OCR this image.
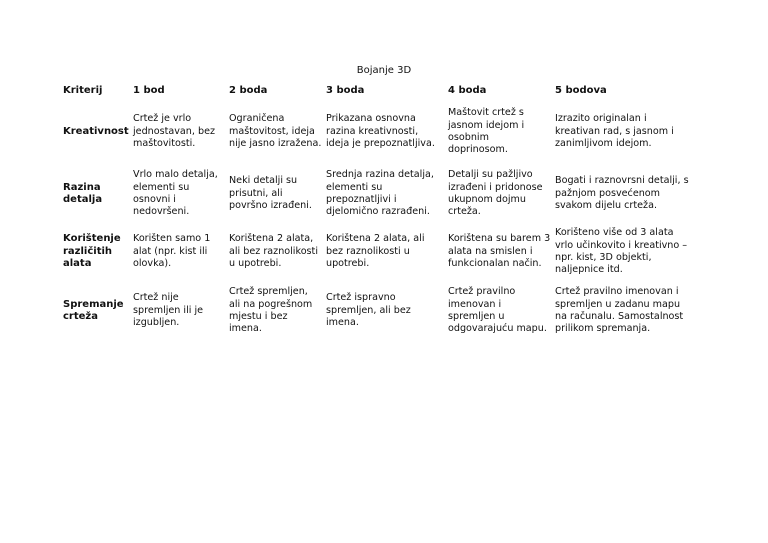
Bojanje 3D
Kriterij	1 bod	2 boda	3 boda	4 boda	5 bodova
Kreativnost	Crtež je vrlo jednostavan, bez maštovitosti.	Ograničena maštovitost, ideja nije jasno izražena.	Prikazana osnovna razina kreativnosti, ideja je prepoznatljiva.	Maštovit crtež s jasnom idejom i osobnim doprinosom.	Izrazito originalan i kreativan rad, s jasnom i zanimljivom idejom.
Razina detalja	Vrlo malo detalja, elementi su osnovni i nedovršeni.	Neki detalji su prisutni, ali površno izrađeni.	Srednja razina detalja, elementi su prepoznatljivi i djelomično razrađeni.	Detalji su pažljivo izrađeni i pridonose ukupnom dojmu crteža.	Bogati i raznovrsni detalji, s pažnjom posvećenom svakom dijelu crteža.
Korištenje različitih alata	Korišten samo 1 alat (npr. kist ili olovka).	Korištena 2 alata, ali bez raznolikosti u upotrebi.	Korištena 2 alata, ali bez raznolikosti u upotrebi.	Korištena su barem 3 alata na smislen i funkcionalan način.	Korišteno više od 3 alata vrlo učinkovito i kreativno – npr. kist, 3D objekti, naljepnice itd.
Spremanje crteža	Crtež nije spremljen ili je izgubljen.	Crtež spremljen, ali na pogrešnom mjestu i bez imena.	Crtež ispravno spremljen, ali bez imena.	Crtež pravilno imenovan i spremljen u odgovarajuću mapu.	Crtež pravilno imenovan i spremljen u zadanu mapu na računalu. Samostalnost prilikom spremanja.
